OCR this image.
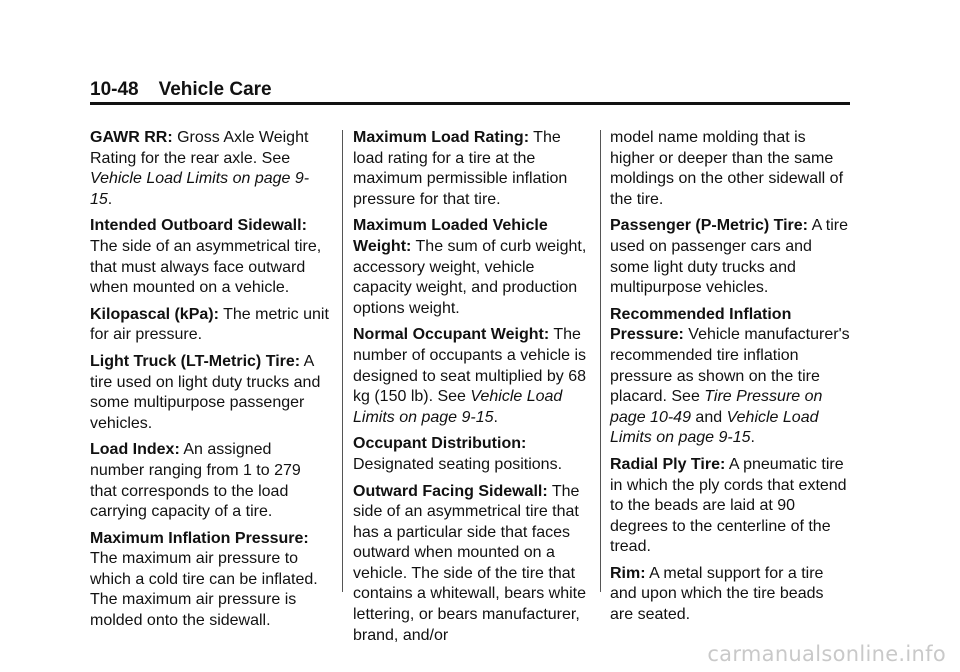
10-48 Vehicle Care

GAWR RR: Gross Axle Weight Rating for the rear axle. See Vehicle Load Limits on page 9-15.

Intended Outboard Sidewall: The side of an asymmetrical tire, that must always face outward when mounted on a vehicle.

Kilopascal (kPa): The metric unit for air pressure.

Light Truck (LT-Metric) Tire: A tire used on light duty trucks and some multipurpose passenger vehicles.

Load Index: An assigned number ranging from 1 to 279 that corresponds to the load carrying capacity of a tire.

Maximum Inflation Pressure: The maximum air pressure to which a cold tire can be inflated. The maximum air pressure is molded onto the sidewall.

Maximum Load Rating: The load rating for a tire at the maximum permissible inflation pressure for that tire.

Maximum Loaded Vehicle Weight: The sum of curb weight, accessory weight, vehicle capacity weight, and production options weight.

Normal Occupant Weight: The number of occupants a vehicle is designed to seat multiplied by 68 kg (150 lb). See Vehicle Load Limits on page 9-15.

Occupant Distribution: Designated seating positions.

Outward Facing Sidewall: The side of an asymmetrical tire that has a particular side that faces outward when mounted on a vehicle. The side of the tire that contains a whitewall, bears white lettering, or bears manufacturer, brand, and/or

model name molding that is higher or deeper than the same moldings on the other sidewall of the tire.

Passenger (P-Metric) Tire: A tire used on passenger cars and some light duty trucks and multipurpose vehicles.

Recommended Inflation Pressure: Vehicle manufacturer's recommended tire inflation pressure as shown on the tire placard. See Tire Pressure on page 10-49 and Vehicle Load Limits on page 9-15.

Radial Ply Tire: A pneumatic tire in which the ply cords that extend to the beads are laid at 90 degrees to the centerline of the tread.

Rim: A metal support for a tire and upon which the tire beads are seated.

carmanualsonline.info
